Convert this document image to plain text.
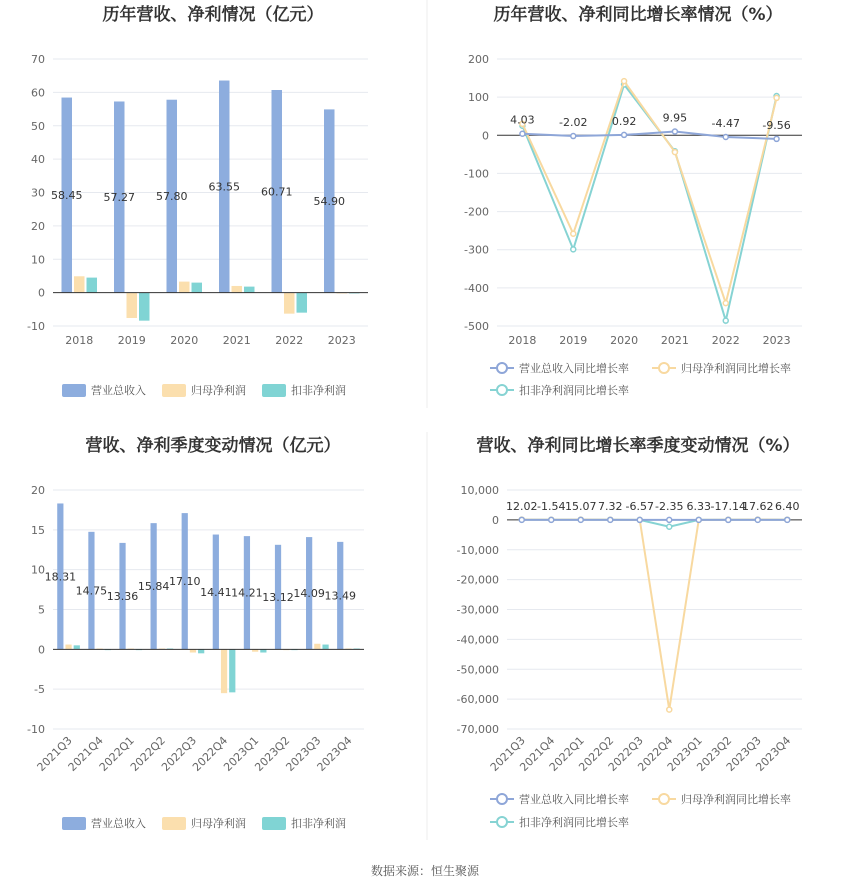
历年营收、净利情况（亿元）
-10
0
10
20
30
40
50
60
70
2018 2019 2020 2021 2022 2023
58.45 57.27 57.80
63.55 60.71
54.90
营业总收入	归母净利润	扣非净利润
历年营收、净利同比增长率情况（%）
-500
-400
-300
-200
-100
0
100
200
2018 2019 2020 2021 2022 2023
4.03 -2.02 0.92 9.95 -4.47 -9.56
营业总收入同比增长率	归母净利润同比增长率
扣非净利润同比增长率
营收、净利季度变动情况（亿元）
-10
-5
0
5
10
15
20
2021Q3
2021Q4
2022Q1
2022Q2
2022Q3
2022Q4
2023Q1
2023Q2
2023Q3
2023Q4
18.31
14.75 13.36
15.84 17.10
14.41 14.21 13.12 14.09 13.49
营业总收入	归母净利润	扣非净利润
营收、净利同比增长率季度变动情况（%）
-70,000
-60,000
-50,000
-40,000
-30,000
-20,000
-10,000
0
10,000
2021Q3
2021Q4
2022Q1
2022Q2
2022Q3
2022Q4
2023Q1
2023Q2
2023Q3
2023Q4
12.02 -1.54 15.07 7.32 -6.57 -2.35 6.33 -17.14
17.62 6.40
营业总收入同比增长率	归母净利润同比增长率
扣非净利润同比增长率
数据来源：恒生聚源
